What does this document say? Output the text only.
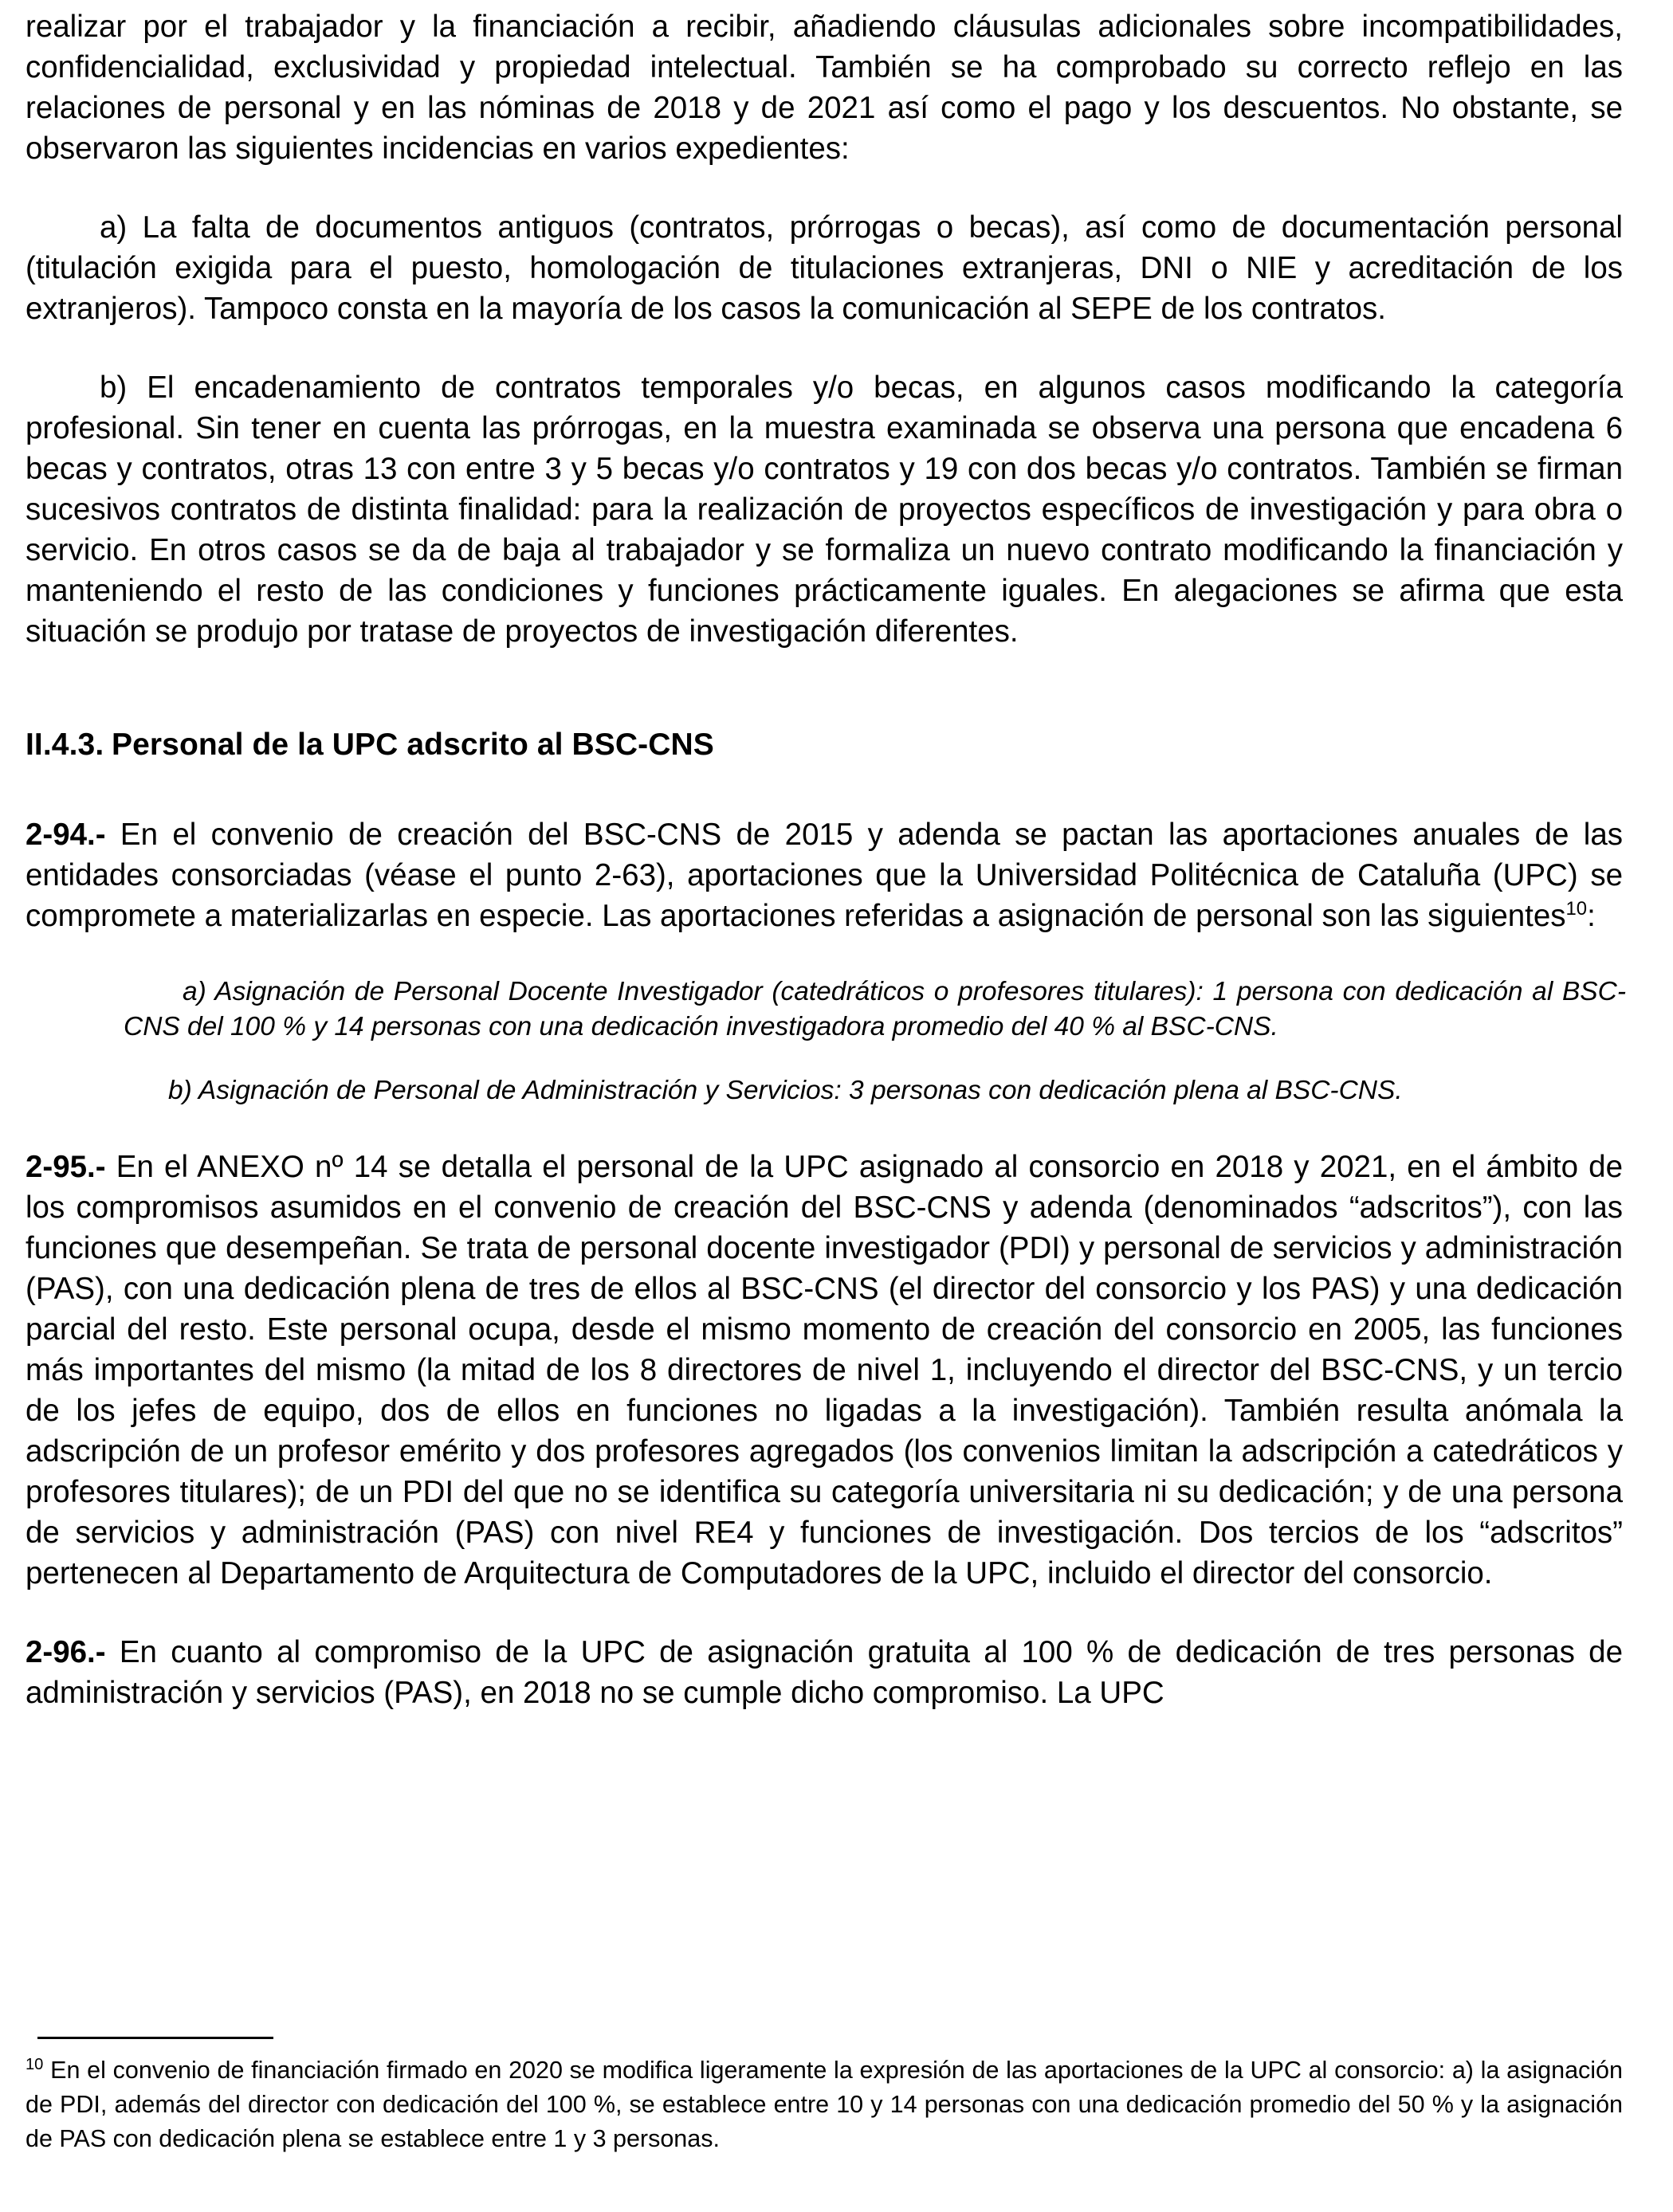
realizar por el trabajador y la financiación a recibir, añadiendo cláusulas adicionales sobre incompatibilidades, confidencialidad, exclusividad y propiedad intelectual. También se ha comprobado su correcto reflejo en las relaciones de personal y en las nóminas de 2018 y de 2021 así como el pago y los descuentos. No obstante, se observaron las siguientes incidencias en varios expedientes:

a) La falta de documentos antiguos (contratos, prórrogas o becas), así como de documentación personal (titulación exigida para el puesto, homologación de titulaciones extranjeras, DNI o NIE y acreditación de los extranjeros). Tampoco consta en la mayoría de los casos la comunicación al SEPE de los contratos.

b) El encadenamiento de contratos temporales y/o becas, en algunos casos modificando la categoría profesional. Sin tener en cuenta las prórrogas, en la muestra examinada se observa una persona que encadena 6 becas y contratos, otras 13 con entre 3 y 5 becas y/o contratos y 19 con dos becas y/o contratos. También se firman sucesivos contratos de distinta finalidad: para la realización de proyectos específicos de investigación y para obra o servicio. En otros casos se da de baja al trabajador y se formaliza un nuevo contrato modificando la financiación y manteniendo el resto de las condiciones y funciones prácticamente iguales. En alegaciones se afirma que esta situación se produjo por tratase de proyectos de investigación diferentes.

II.4.3. Personal de la UPC adscrito al BSC-CNS

2-94.- En el convenio de creación del BSC-CNS de 2015 y adenda se pactan las aportaciones anuales de las entidades consorciadas (véase el punto 2-63), aportaciones que la Universidad Politécnica de Cataluña (UPC) se compromete a materializarlas en especie. Las aportaciones referidas a asignación de personal son las siguientes$^{10}$:

a) Asignación de Personal Docente Investigador (catedráticos o profesores titulares): 1 persona con dedicación al BSC-CNS del 100 % y 14 personas con una dedicación investigadora promedio del 40 % al BSC-CNS.

b) Asignación de Personal de Administración y Servicios: 3 personas con dedicación plena al BSC-CNS.

2-95.- En el ANEXO nº 14 se detalla el personal de la UPC asignado al consorcio en 2018 y 2021, en el ámbito de los compromisos asumidos en el convenio de creación del BSC-CNS y adenda (denominados “adscritos”), con las funciones que desempeñan. Se trata de personal docente investigador (PDI) y personal de servicios y administración (PAS), con una dedicación plena de tres de ellos al BSC-CNS (el director del consorcio y los PAS) y una dedicación parcial del resto. Este personal ocupa, desde el mismo momento de creación del consorcio en 2005, las funciones más importantes del mismo (la mitad de los 8 directores de nivel 1, incluyendo el director del BSC-CNS, y un tercio de los jefes de equipo, dos de ellos en funciones no ligadas a la investigación). También resulta anómala la adscripción de un profesor emérito y dos profesores agregados (los convenios limitan la adscripción a catedráticos y profesores titulares); de un PDI del que no se identifica su categoría universitaria ni su dedicación; y de una persona de servicios y administración (PAS) con nivel RE4 y funciones de investigación. Dos tercios de los “adscritos” pertenecen al Departamento de Arquitectura de Computadores de la UPC, incluido el director del consorcio.

2-96.- En cuanto al compromiso de la UPC de asignación gratuita al 100 % de dedicación de tres personas de administración y servicios (PAS), en 2018 no se cumple dicho compromiso. La UPC

$^{10}$ En el convenio de financiación firmado en 2020 se modifica ligeramente la expresión de las aportaciones de la UPC al consorcio: a) la asignación de PDI, además del director con dedicación del 100 %, se establece entre 10 y 14 personas con una dedicación promedio del 50 % y la asignación de PAS con dedicación plena se establece entre 1 y 3 personas.
